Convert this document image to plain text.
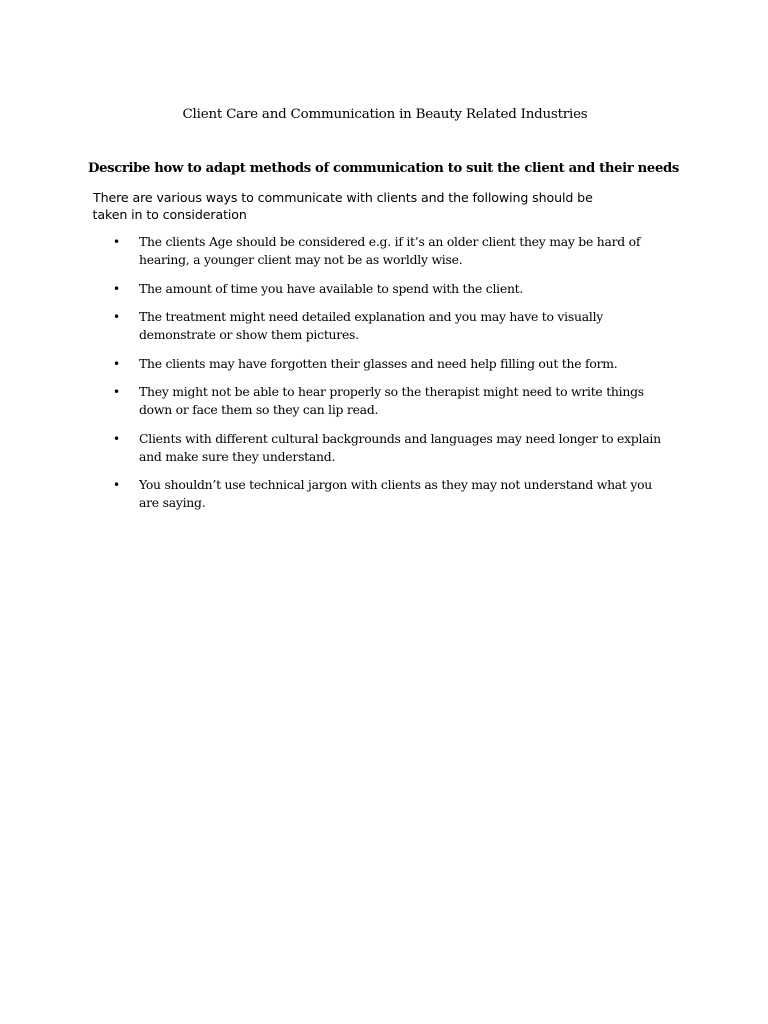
Client Care and Communication in Beauty Related Industries
Describe how to adapt methods of communication to suit the client and their needs
There are various ways to communicate with clients and the following should be
taken in to consideration
• The clients Age should be considered e.g. if it’s an older client they may be hard of hearing, a younger client may not be as worldly wise.
• The amount of time you have available to spend with the client.
• The treatment might need detailed explanation and you may have to visually demonstrate or show them pictures.
• The clients may have forgotten their glasses and need help filling out the form.
• They might not be able to hear properly so the therapist might need to write things down or face them so they can lip read.
• Clients with different cultural backgrounds and languages may need longer to explain and make sure they understand.
• You shouldn’t use technical jargon with clients as they may not understand what you are saying.
